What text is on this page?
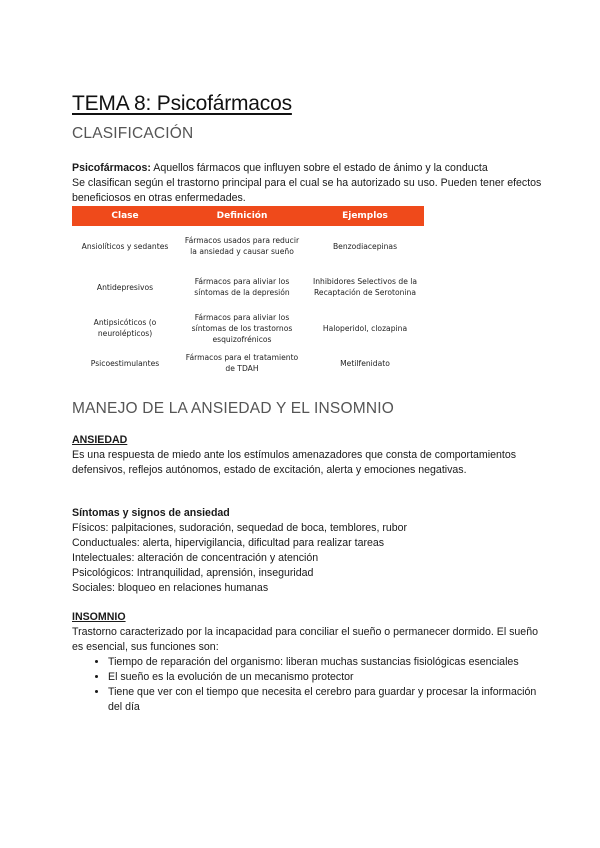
TEMA 8: Psicofármacos
CLASIFICACIÓN
Psicofármacos: Aquellos fármacos que influyen sobre el estado de ánimo y la conducta
Se clasifican según el trastorno principal para el cual se ha autorizado su uso. Pueden tener efectos beneficiosos en otras enfermedades.
Clase	Definición	Ejemplos
Ansiolíticos y sedantes	Fármacos usados para reducir la ansiedad y causar sueño	Benzodiacepinas
Antidepresivos	Fármacos para aliviar los síntomas de la depresión	Inhibidores Selectivos de la Recaptación de Serotonina
Antipsicóticos (o neurolépticos)	Fármacos para aliviar los síntomas de los trastornos esquizofrénicos	Haloperidol, clozapina
Psicoestimulantes	Fármacos para el tratamiento de TDAH	Metilfenidato
MANEJO DE LA ANSIEDAD Y EL INSOMNIO
ANSIEDAD
Es una respuesta de miedo ante los estímulos amenazadores que consta de comportamientos defensivos, reflejos autónomos, estado de excitación, alerta y emociones negativas.
Síntomas y signos de ansiedad
Físicos: palpitaciones, sudoración, sequedad de boca, temblores, rubor
Conductuales: alerta, hipervigilancia, dificultad para realizar tareas
Intelectuales: alteración de concentración y atención
Psicológicos: Intranquilidad, aprensión, inseguridad
Sociales: bloqueo en relaciones humanas
INSOMNIO
Trastorno caracterizado por la incapacidad para conciliar el sueño o permanecer dormido. El sueño es esencial, sus funciones son:
• Tiempo de reparación del organismo: liberan muchas sustancias fisiológicas esenciales
• El sueño es la evolución de un mecanismo protector
• Tiene que ver con el tiempo que necesita el cerebro para guardar y procesar la información del día
